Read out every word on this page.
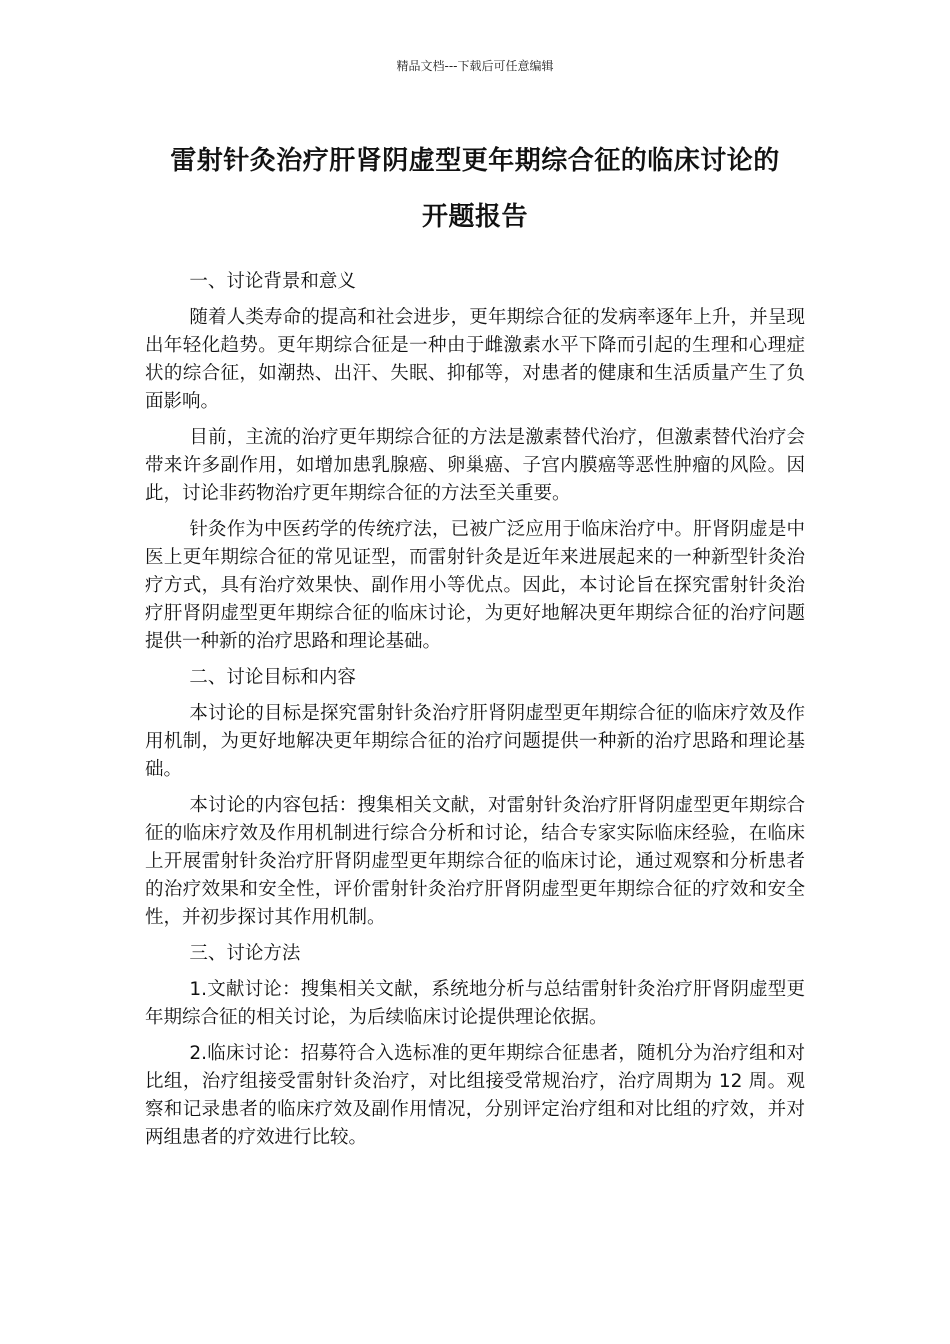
精品文档---下载后可任意编辑
雷射针灸治疗肝肾阴虚型更年期综合征的临床讨论的
开题报告

一、讨论背景和意义

随着人类寿命的提高和社会进步，更年期综合征的发病率逐年上升，并呈现出年轻化趋势。更年期综合征是一种由于雌激素水平下降而引起的生理和心理症状的综合征，如潮热、出汗、失眠、抑郁等，对患者的健康和生活质量产生了负面影响。

目前，主流的治疗更年期综合征的方法是激素替代治疗，但激素替代治疗会带来许多副作用，如增加患乳腺癌、卵巢癌、子宫内膜癌等恶性肿瘤的风险。因此，讨论非药物治疗更年期综合征的方法至关重要。

针灸作为中医药学的传统疗法，已被广泛应用于临床治疗中。肝肾阴虚是中医上更年期综合征的常见证型，而雷射针灸是近年来进展起来的一种新型针灸治疗方式，具有治疗效果快、副作用小等优点。因此，本讨论旨在探究雷射针灸治疗肝肾阴虚型更年期综合征的临床讨论，为更好地解决更年期综合征的治疗问题提供一种新的治疗思路和理论基础。

二、讨论目标和内容

本讨论的目标是探究雷射针灸治疗肝肾阴虚型更年期综合征的临床疗效及作用机制，为更好地解决更年期综合征的治疗问题提供一种新的治疗思路和理论基础。

本讨论的内容包括：搜集相关文献，对雷射针灸治疗肝肾阴虚型更年期综合征的临床疗效及作用机制进行综合分析和讨论，结合专家实际临床经验，在临床上开展雷射针灸治疗肝肾阴虚型更年期综合征的临床讨论，通过观察和分析患者的治疗效果和安全性，评价雷射针灸治疗肝肾阴虚型更年期综合征的疗效和安全性，并初步探讨其作用机制。

三、讨论方法

1.文献讨论：搜集相关文献，系统地分析与总结雷射针灸治疗肝肾阴虚型更年期综合征的相关讨论，为后续临床讨论提供理论依据。

2.临床讨论：招募符合入选标准的更年期综合征患者，随机分为治疗组和对比组，治疗组接受雷射针灸治疗，对比组接受常规治疗，治疗周期为 12 周。观察和记录患者的临床疗效及副作用情况，分别评定治疗组和对比组的疗效，并对两组患者的疗效进行比较。
